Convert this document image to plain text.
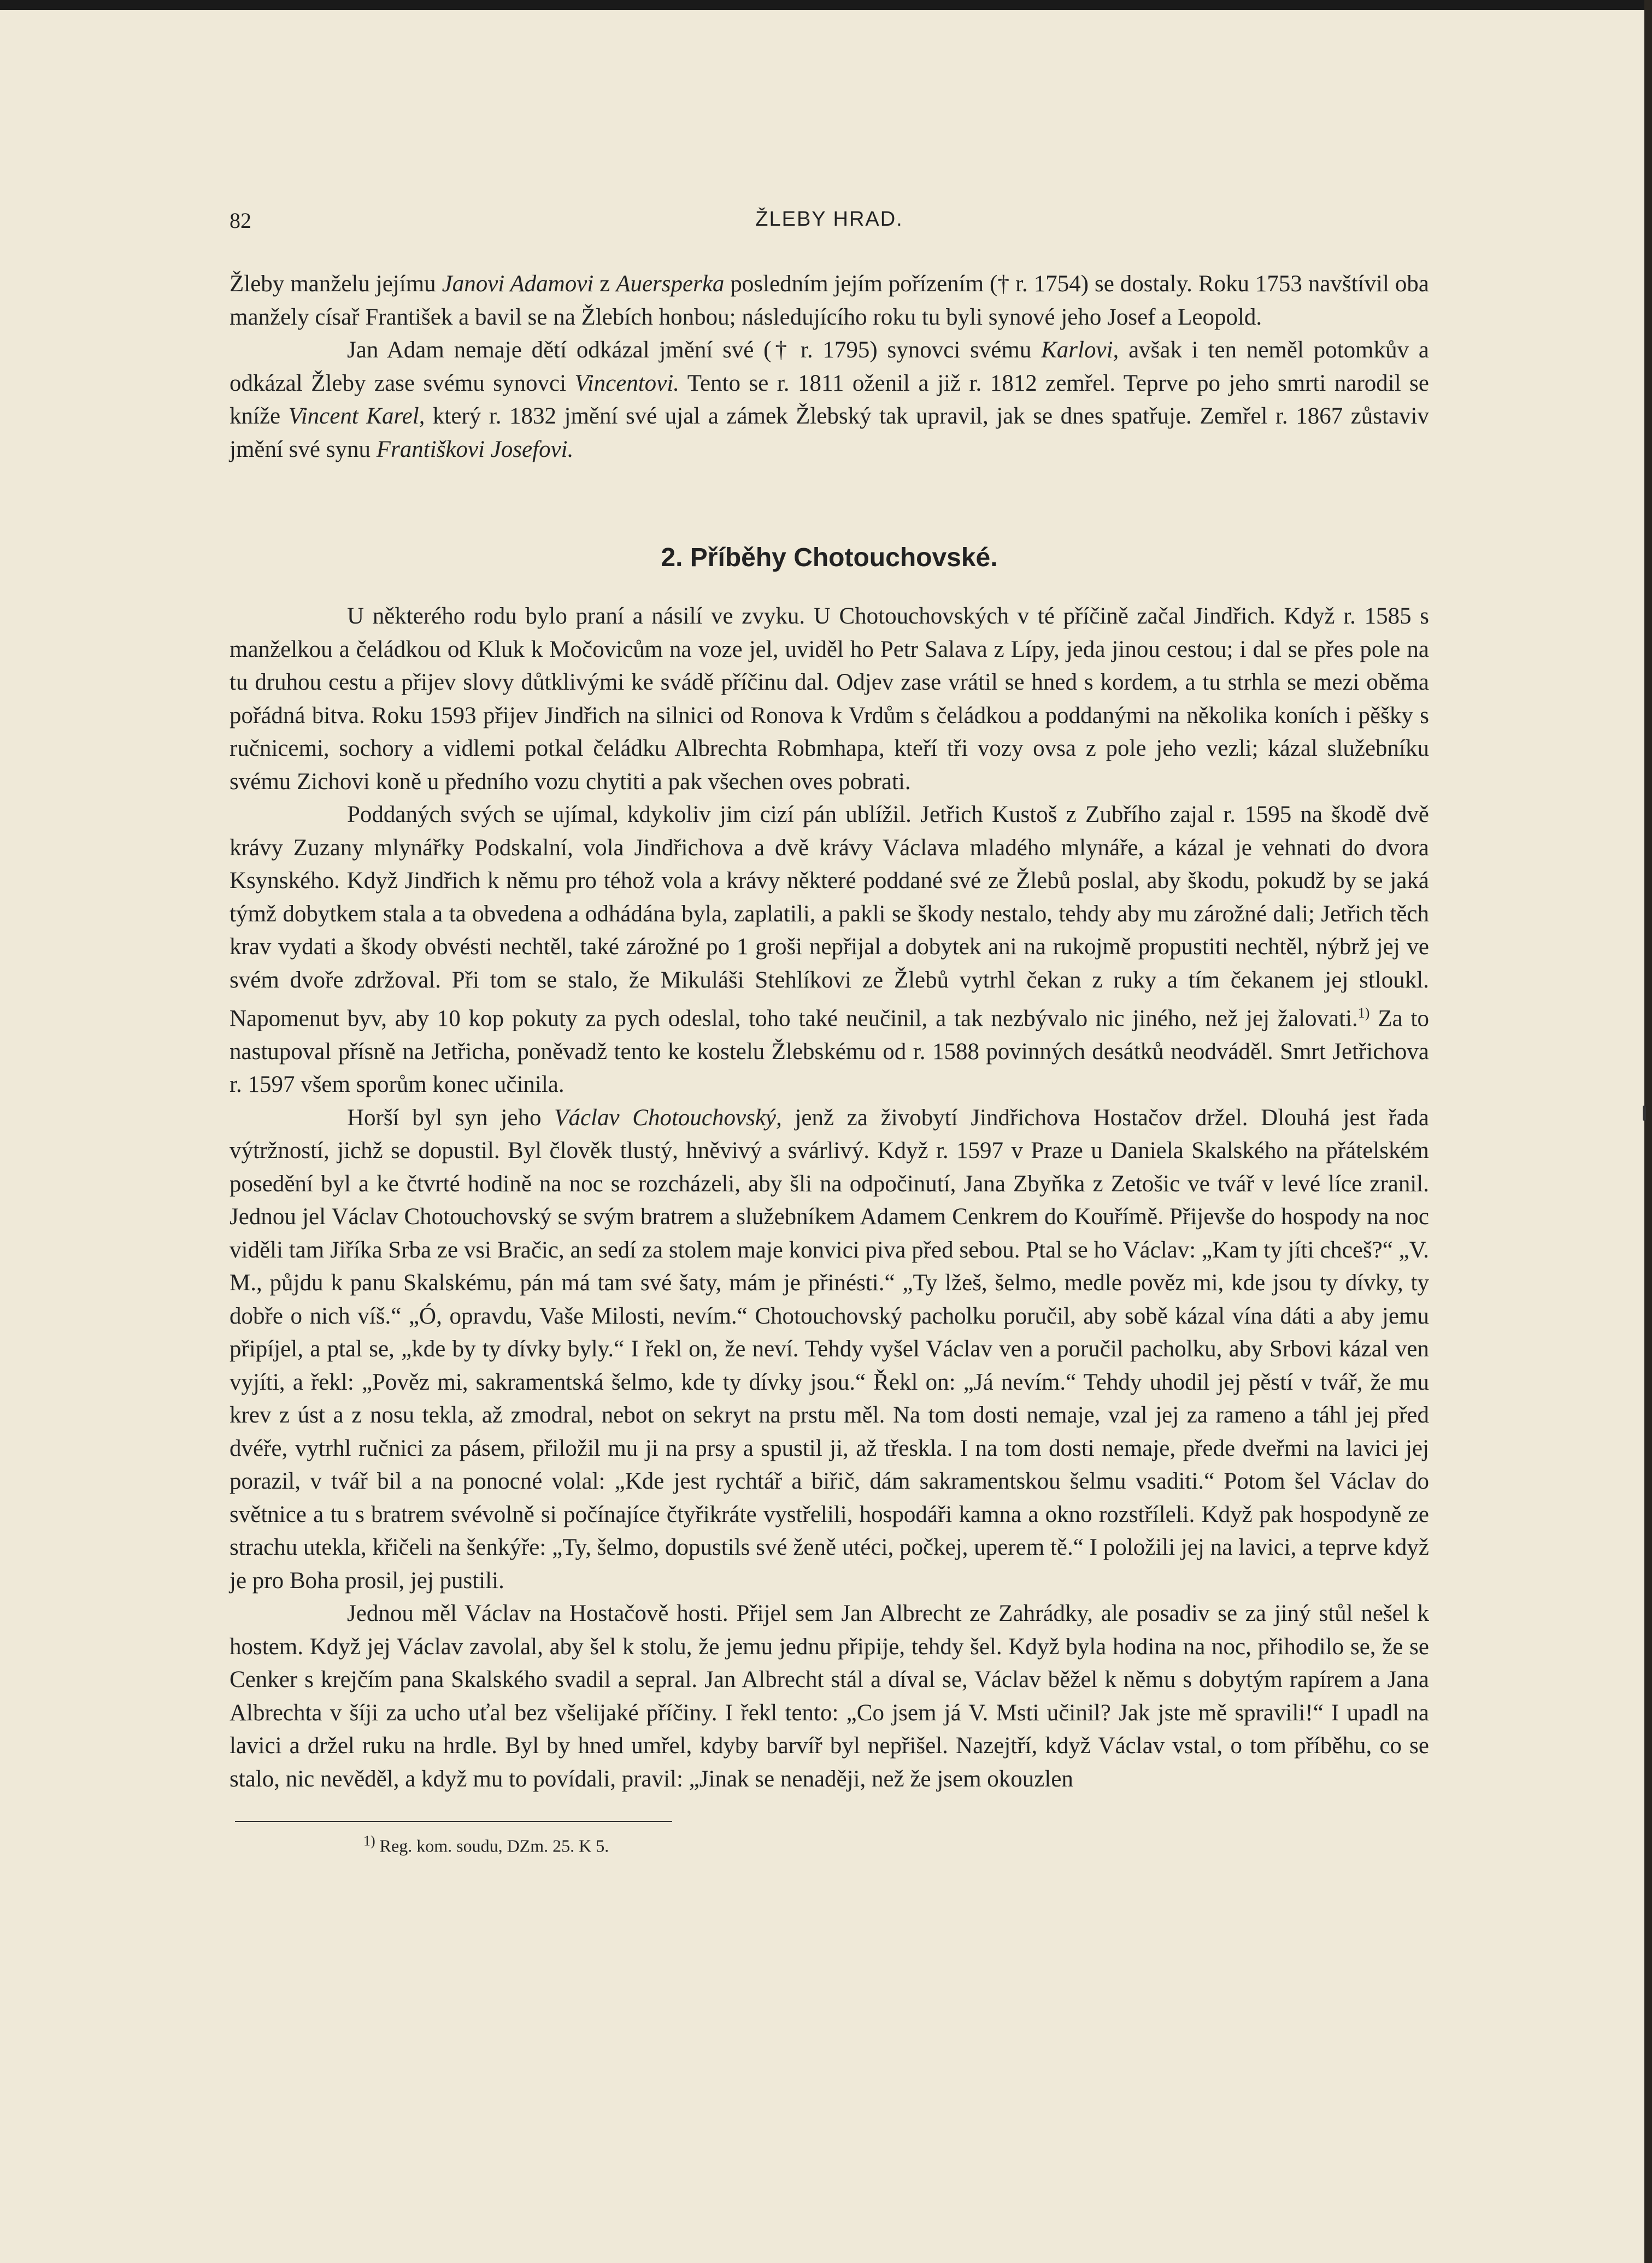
82	ŽLEBY HRAD.

Žleby manželu jejímu Janovi Adamovi z Auersperka posledním jejím pořízením († r. 1754) se dostaly. Roku 1753 navštívil oba manžely císař František a bavil se na Žlebích honbou; následujícího roku tu byli synové jeho Josef a Leopold.

Jan Adam nemaje dětí odkázal jmění své († r. 1795) synovci svému Karlovi, avšak i ten neměl potomkův a odkázal Žleby zase svému synovci Vincentovi. Tento se r. 1811 oženil a již r. 1812 zemřel. Teprve po jeho smrti narodil se kníže Vincent Karel, který r. 1832 jmění své ujal a zámek Žlebský tak upravil, jak se dnes spatřuje. Zemřel r. 1867 zůstaviv jmění své synu Františkovi Josefovi.

2. Příběhy Chotouchovské.

U některého rodu bylo praní a násilí ve zvyku. U Chotouchovských v té příčině začal Jindřich. Když r. 1585 s manželkou a čeládkou od Kluk k Močovicům na voze jel, uviděl ho Petr Salava z Lípy, jeda jinou cestou; i dal se přes pole na tu druhou cestu a přijev slovy důtklivými ke svádě příčinu dal. Odjev zase vrátil se hned s kordem, a tu strhla se mezi oběma pořádná bitva. Roku 1593 přijev Jindřich na silnici od Ronova k Vrdům s čeládkou a poddanými na několika koních i pěšky s ručnicemi, sochory a vidlemi potkal čeládku Albrechta Robmhapa, kteří tři vozy ovsa z pole jeho vezli; kázal služebníku svému Zichovi koně u předního vozu chytiti a pak všechen oves pobrati.

Poddaných svých se ujímal, kdykoliv jim cizí pán ublížil. Jetřich Kustoš z Zubřího zajal r. 1595 na škodě dvě krávy Zuzany mlynářky Podskalní, vola Jindřichova a dvě krávy Václava mladého mlynáře, a kázal je vehnati do dvora Ksynského. Když Jindřich k němu pro téhož vola a krávy některé poddané své ze Žlebů poslal, aby škodu, pokudž by se jaká týmž dobytkem stala a ta obvedena a odhádána byla, zaplatili, a pakli se škody nestalo, tehdy aby mu zárožné dali; Jetřich těch krav vydati a škody obvésti nechtěl, také zárožné po 1 groši nepřijal a dobytek ani na rukojmě propustiti nechtěl, nýbrž jej ve svém dvoře zdržoval. Při tom se stalo, že Mikuláši Stehlíkovi ze Žlebů vytrhl čekan z ruky a tím čekanem jej stloukl. Napomenut byv, aby 10 kop pokuty za pych odeslal, toho také neučinil, a tak nezbývalo nic jiného, než jej žalovati.$^{1)}$ Za to nastupoval přísně na Jetřicha, poněvadž tento ke kostelu Žlebskému od r. 1588 povinných desátků neodváděl. Smrt Jetřichova r. 1597 všem sporům konec učinila.

Horší byl syn jeho Václav Chotouchovský, jenž za živobytí Jindřichova Hostačov držel. Dlouhá jest řada výtržností, jichž se dopustil. Byl člověk tlustý, hněvivý a svárlivý. Když r. 1597 v Praze u Daniela Skalského na přátelském posedění byl a ke čtvrté hodině na noc se rozcházeli, aby šli na odpočinutí, Jana Zbyňka z Zetošic ve tvář v levé líce zranil. Jednou jel Václav Chotouchovský se svým bratrem a služebníkem Adamem Cenkrem do Kouřímě. Přijevše do hospody na noc viděli tam Jiříka Srba ze vsi Bračic, an sedí za stolem maje konvici piva před sebou. Ptal se ho Václav: „Kam ty jíti chceš?“ „V. M., půjdu k panu Skalskému, pán má tam své šaty, mám je přinésti.“ „Ty lžeš, šelmo, medle pověz mi, kde jsou ty dívky, ty dobře o nich víš.“ „Ó, opravdu, Vaše Milosti, nevím.“ Chotouchovský pacholku poručil, aby sobě kázal vína dáti a aby jemu připíjel, a ptal se, „kde by ty dívky byly.“ I řekl on, že neví. Tehdy vyšel Václav ven a poručil pacholku, aby Srbovi kázal ven vyjíti, a řekl: „Pověz mi, sakramentská šelmo, kde ty dívky jsou.“ Řekl on: „Já nevím.“ Tehdy uhodil jej pěstí v tvář, že mu krev z úst a z nosu tekla, až zmodral, nebot on sekryt na prstu měl. Na tom dosti nemaje, vzal jej za rameno a táhl jej před dvéře, vytrhl ručnici za pásem, přiložil mu ji na prsy a spustil ji, až třeskla. I na tom dosti nemaje, přede dveřmi na lavici jej porazil, v tvář bil a na ponocné volal: „Kde jest rychtář a biřič, dám sakramentskou šelmu vsaditi.“ Potom šel Václav do světnice a tu s bratrem svévolně si počínajíce čtyřikráte vystřelili, hospodáři kamna a okno rozstříleli. Když pak hospodyně ze strachu utekla, křičeli na šenkýře: „Ty, šelmo, dopustils své ženě utéci, počkej, uperem tě.“ I položili jej na lavici, a teprve když je pro Boha prosil, jej pustili.

Jednou měl Václav na Hostačově hosti. Přijel sem Jan Albrecht ze Zahrádky, ale posadiv se za jiný stůl nešel k hostem. Když jej Václav zavolal, aby šel k stolu, že jemu jednu připije, tehdy šel. Když byla hodina na noc, přihodilo se, že se Cenker s krejčím pana Skalského svadil a sepral. Jan Albrecht stál a díval se, Václav běžel k němu s dobytým rapírem a Jana Albrechta v šíji za ucho uťal bez všelijaké příčiny. I řekl tento: „Co jsem já V. Msti učinil? Jak jste mě spravili!“ I upadl na lavici a držel ruku na hrdle. Byl by hned umřel, kdyby barvíř byl nepřišel. Nazejtří, když Václav vstal, o tom příběhu, co se stalo, nic nevěděl, a když mu to povídali, pravil: „Jinak se nenaději, než že jsem okouzlen

$^{1)}$ Reg. kom. soudu, DZm. 25. K 5.
